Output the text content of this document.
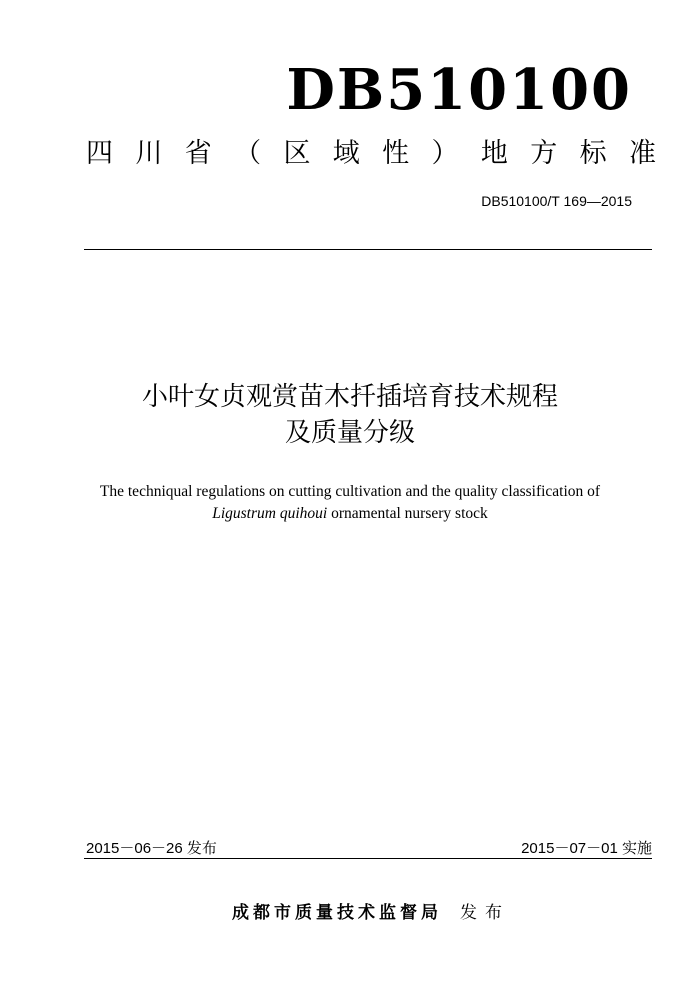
DB510100
四 川 省 （ 区 域 性 ） 地 方 标 准
DB510100/T 169—2015
小叶女贞观赏苗木扦插培育技术规程
及质量分级
The techniqual regulations on cutting cultivation and the quality classification of
Ligustrum quihoui ornamental nursery stock
2015－06－26 发布	2015－07－01 实施
成都市质量技术监督局 发布
